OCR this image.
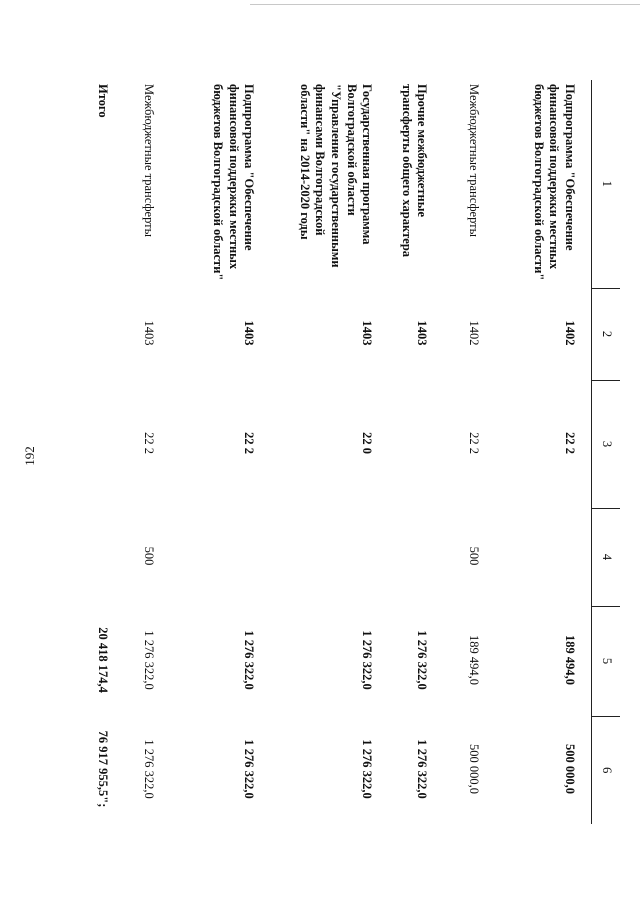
192
1	2	3	4	5	6
Подпрограмма "Обеспечение финансовой поддержки местных бюджетов Волгоградской области"	1402	22 2		189 494,0	500 000,0
Межбюджетные трансферты	1402	22 2	500	189 494,0	500 000,0
Прочие межбюджетные трансферты общего характера	1403			1 276 322,0	1 276 322,0
Государственная программа Волгоградской области "Управление государственными финансами Волгоградской области" на 2014-2020 годы	1403	22 0		1 276 322,0	1 276 322,0
Подпрограмма "Обеспечение финансовой поддержки местных бюджетов Волгоградской области"	1403	22 2		1 276 322,0	1 276 322,0
Межбюджетные трансферты	1403	22 2	500	1 276 322,0	1 276 322,0
Итого				20 418 174,4	76 917 955,5";
